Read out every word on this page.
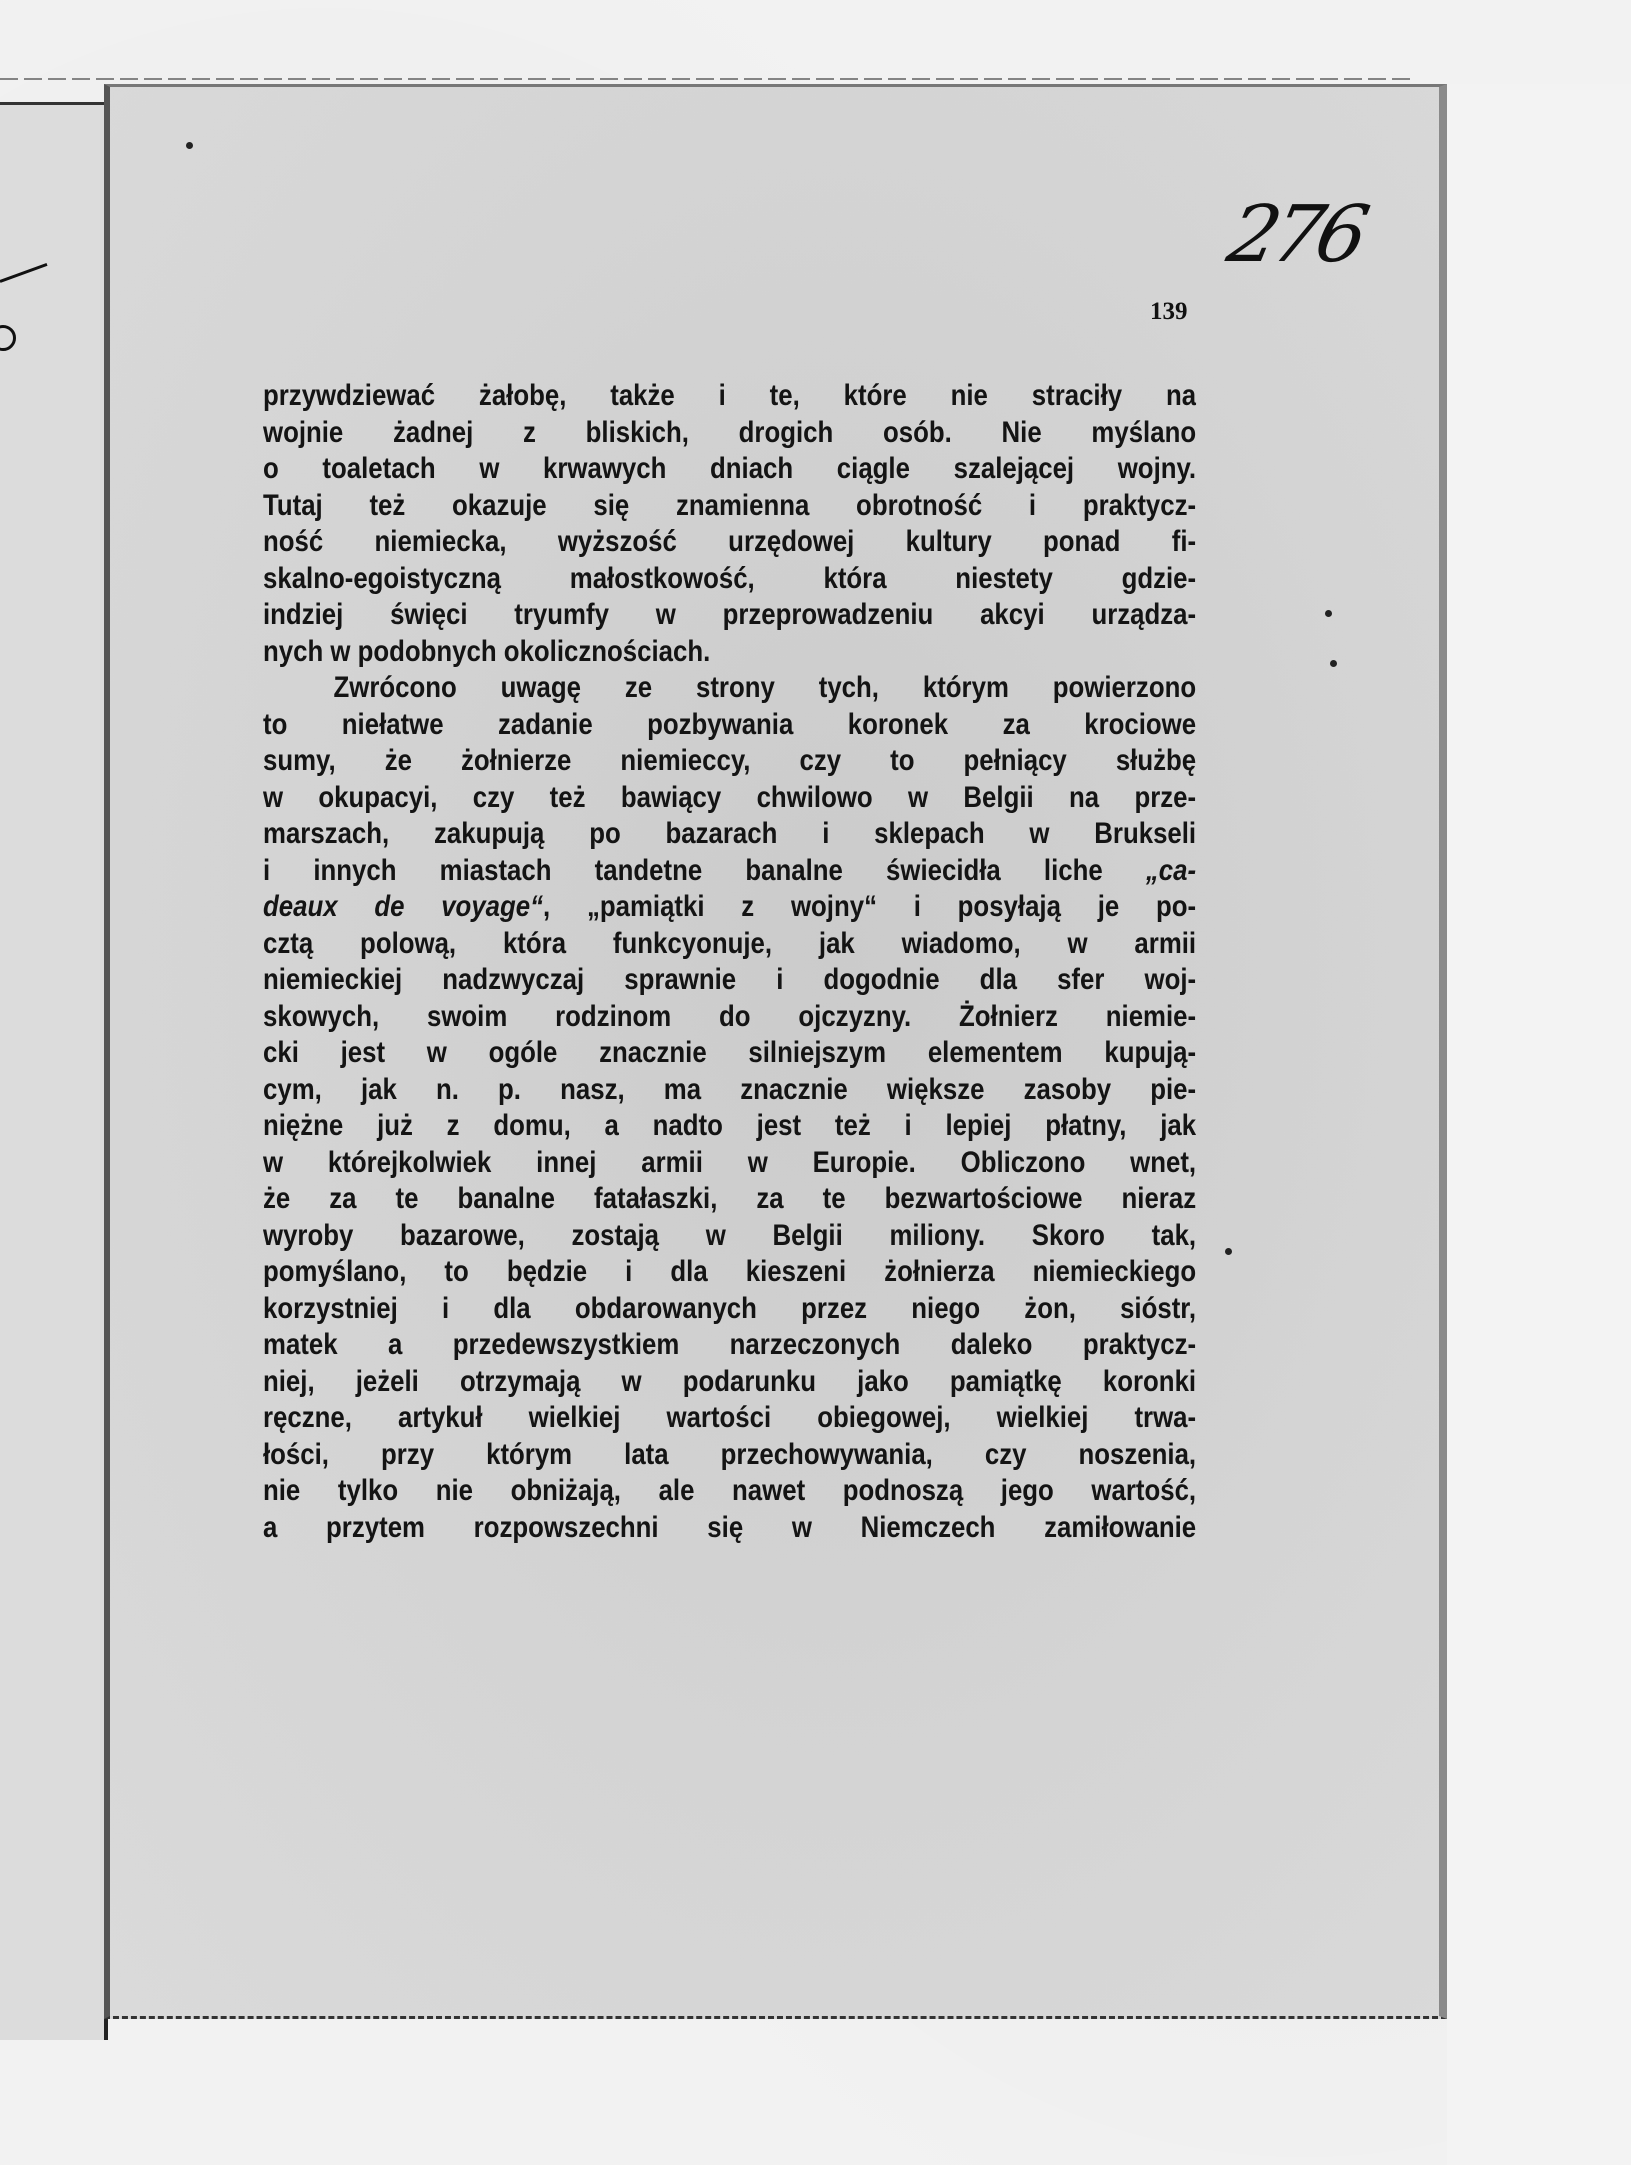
276
139
przywdziewać żałobę, także i te, które nie straciły na
wojnie żadnej z bliskich, drogich osób. Nie myślano
o toaletach w krwawych dniach ciągle szalejącej wojny.
Tutaj też okazuje się znamienna obrotność i praktycz-
ność niemiecka, wyższość urzędowej kultury ponad fi-
skalno-egoistyczną małostkowość, która niestety gdzie-
indziej święci tryumfy w przeprowadzeniu akcyi urządza-
nych w podobnych okolicznościach.
Zwrócono uwagę ze strony tych, którym powierzono
to niełatwe zadanie pozbywania koronek za krociowe
sumy, że żołnierze niemieccy, czy to pełniący służbę
w okupacyi, czy też bawiący chwilowo w Belgii na prze-
marszach, zakupują po bazarach i sklepach w Brukseli
i innych miastach tandetne banalne świecidła liche „ca-
deaux de voyage“, „pamiątki z wojny“ i posyłają je po-
cztą polową, która funkcyonuje, jak wiadomo, w armii
niemieckiej nadzwyczaj sprawnie i dogodnie dla sfer woj-
skowych, swoim rodzinom do ojczyzny. Żołnierz niemie-
cki jest w ogóle znacznie silniejszym elementem kupują-
cym, jak n. p. nasz, ma znacznie większe zasoby pie-
niężne już z domu, a nadto jest też i lepiej płatny, jak
w którejkolwiek innej armii w Europie. Obliczono wnet,
że za te banalne fatałaszki, za te bezwartościowe nieraz
wyroby bazarowe, zostają w Belgii miliony. Skoro tak,
pomyślano, to będzie i dla kieszeni żołnierza niemieckiego
korzystniej i dla obdarowanych przez niego żon, sióstr,
matek a przedewszystkiem narzeczonych daleko praktycz-
niej, jeżeli otrzymają w podarunku jako pamiątkę koronki
ręczne, artykuł wielkiej wartości obiegowej, wielkiej trwa-
łości, przy którym lata przechowywania, czy noszenia,
nie tylko nie obniżają, ale nawet podnoszą jego wartość,
a przytem rozpowszechni się w Niemczech zamiłowanie
